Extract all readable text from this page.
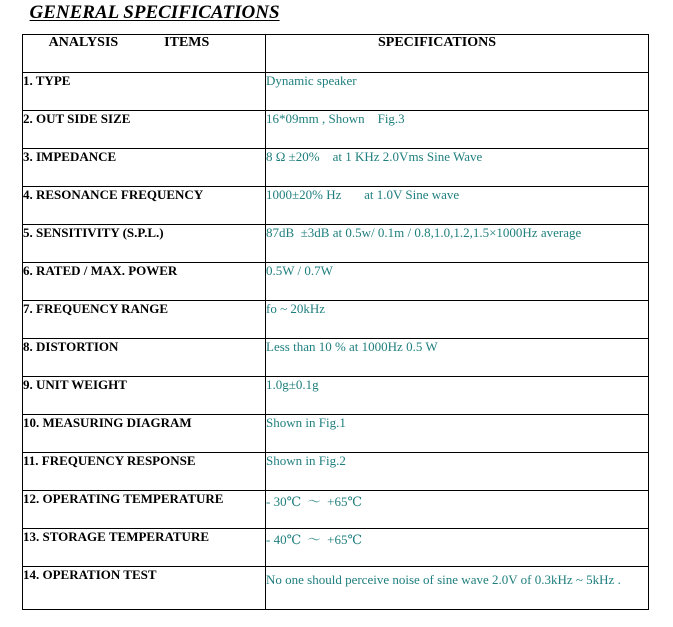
GENERAL SPECIFICATIONS
ANALYSIS    ITEMS	SPECIFICATIONS
1. TYPE	Dynamic speaker
2. OUT SIDE SIZE	16*09mm , Shown    Fig.3
3. IMPEDANCE	8 Ω ±20%    at 1 KHz 2.0Vms Sine Wave
4. RESONANCE FREQUENCY	1000±20% Hz       at 1.0V Sine wave
5. SENSITIVITY (S.P.L.)	87dB  ±3dB at 0.5w/ 0.1m / 0.8,1.0,1.2,1.5×1000Hz average
6. RATED / MAX. POWER	0.5W / 0.7W
7. FREQUENCY RANGE	fo ~ 20kHz
8. DISTORTION	Less than 10 % at 1000Hz 0.5 W
9. UNIT WEIGHT	1.0g±0.1g
10. MEASURING DIAGRAM	Shown in Fig.1
11. FREQUENCY RESPONSE	Shown in Fig.2
12. OPERATING TEMPERATURE	- 30℃  ～  +65℃
13. STORAGE TEMPERATURE	- 40℃  ～  +65℃
14. OPERATION TEST	No one should perceive noise of sine wave 2.0V of 0.3kHz ~ 5kHz .
